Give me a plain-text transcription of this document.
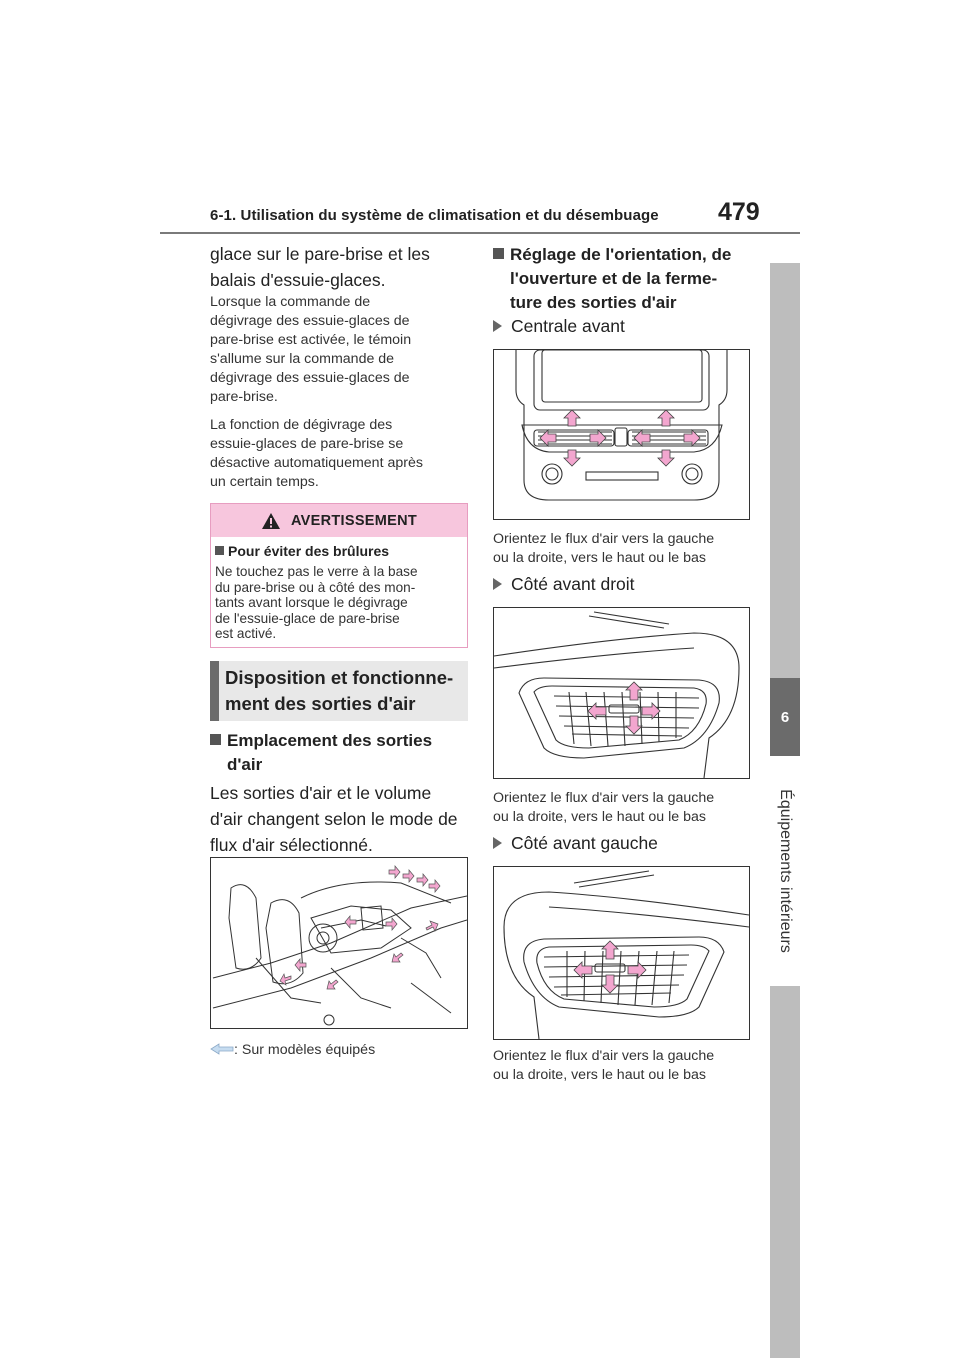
6-1. Utilisation du système de climatisation et du désembuage 479
6
Équipements intérieurs
glace sur le pare-brise et les
balais d'essuie-glaces.
Lorsque la commande de
dégivrage des essuie-glaces de
pare-brise est activée, le témoin
s'allume sur la commande de
dégivrage des essuie-glaces de
pare-brise.
La fonction de dégivrage des
essuie-glaces de pare-brise se
désactive automatiquement après
un certain temps.
AVERTISSEMENT
Pour éviter des brûlures
Ne touchez pas le verre à la base
du pare-brise ou à côté des mon-
tants avant lorsque le dégivrage
de l'essuie-glace de pare-brise
est activé.
Disposition et fonctionne-
ment des sorties d'air
Emplacement des sorties
d'air
Les sorties d'air et le volume
d'air changent selon le mode de
flux d'air sélectionné.
: Sur modèles équipés
Réglage de l'orientation, de
l'ouverture et de la ferme-
ture des sorties d'air
Centrale avant
Orientez le flux d'air vers la gauche
ou la droite, vers le haut ou le bas
Côté avant droit
Orientez le flux d'air vers la gauche
ou la droite, vers le haut ou le bas
Côté avant gauche
Orientez le flux d'air vers la gauche
ou la droite, vers le haut ou le bas
